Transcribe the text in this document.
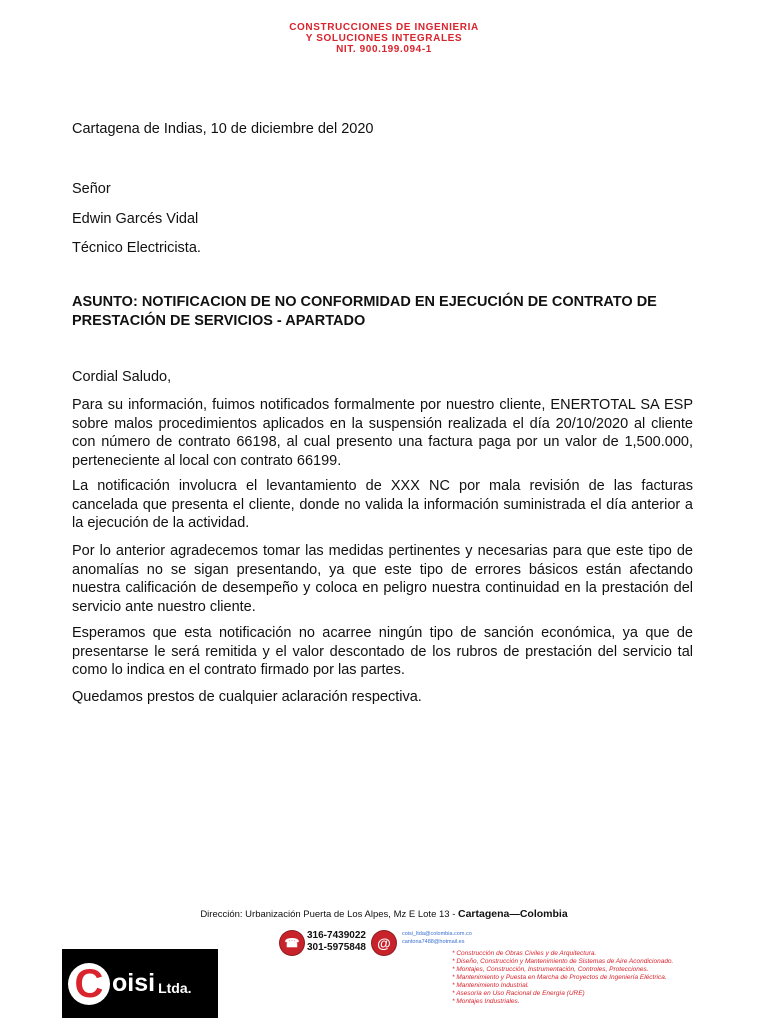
CONSTRUCCIONES DE INGENIERIA
Y SOLUCIONES INTEGRALES
NIT. 900.199.094-1
Cartagena de Indias, 10 de diciembre del 2020
Señor
Edwin Garcés Vidal
Técnico Electricista.
ASUNTO: NOTIFICACION DE NO CONFORMIDAD EN EJECUCIÓN DE CONTRATO DE PRESTACIÓN DE SERVICIOS - APARTADO
Cordial Saludo,

Para su información, fuimos notificados formalmente por nuestro cliente, ENERTOTAL SA ESP sobre malos procedimientos aplicados en la suspensión realizada el día 20/10/2020 al cliente con número de contrato 66198, al cual presento una factura paga por un valor de 1,500.000, perteneciente al local con contrato 66199.

La notificación involucra el levantamiento de XXX NC por mala revisión de las facturas cancelada que presenta el cliente, donde no valida la información suministrada el día anterior a la ejecución de la actividad.

Por lo anterior agradecemos tomar las medidas pertinentes y necesarias para que este tipo de anomalías no se sigan presentando, ya que este tipo de errores básicos están afectando nuestra calificación de desempeño y coloca en peligro nuestra continuidad en la prestación del servicio ante nuestro cliente.

Esperamos que esta notificación no acarree ningún tipo de sanción económica, ya que de presentarse le será remitida y el valor descontado de los rubros de prestación del servicio tal como lo indica en el contrato firmado por las partes.

Quedamos prestos de cualquier aclaración respectiva.

Dirección: Urbanización Puerta de Los Alpes, Mz E Lote 13 - Cartagena—Colombia
☎
316-7439022
301-5975848 @
coisi_ltda@colombia.com.co
cantona7488@hotmail.es
C oisi Ltda.
* Construcción de Obras Civiles y de Arquitectura.
* Diseño, Construcción y Mantenimiento de Sistemas de Aire Acondicionado.
* Montajes, Construcción, Instrumentación, Controles, Protecciones.
* Mantenimiento y Puesta en Marcha de Proyectos de Ingeniería Eléctrica.
* Mantenimiento Industrial.
* Asesoría en Uso Racional de Energía (URE)
* Montajes Industriales.
